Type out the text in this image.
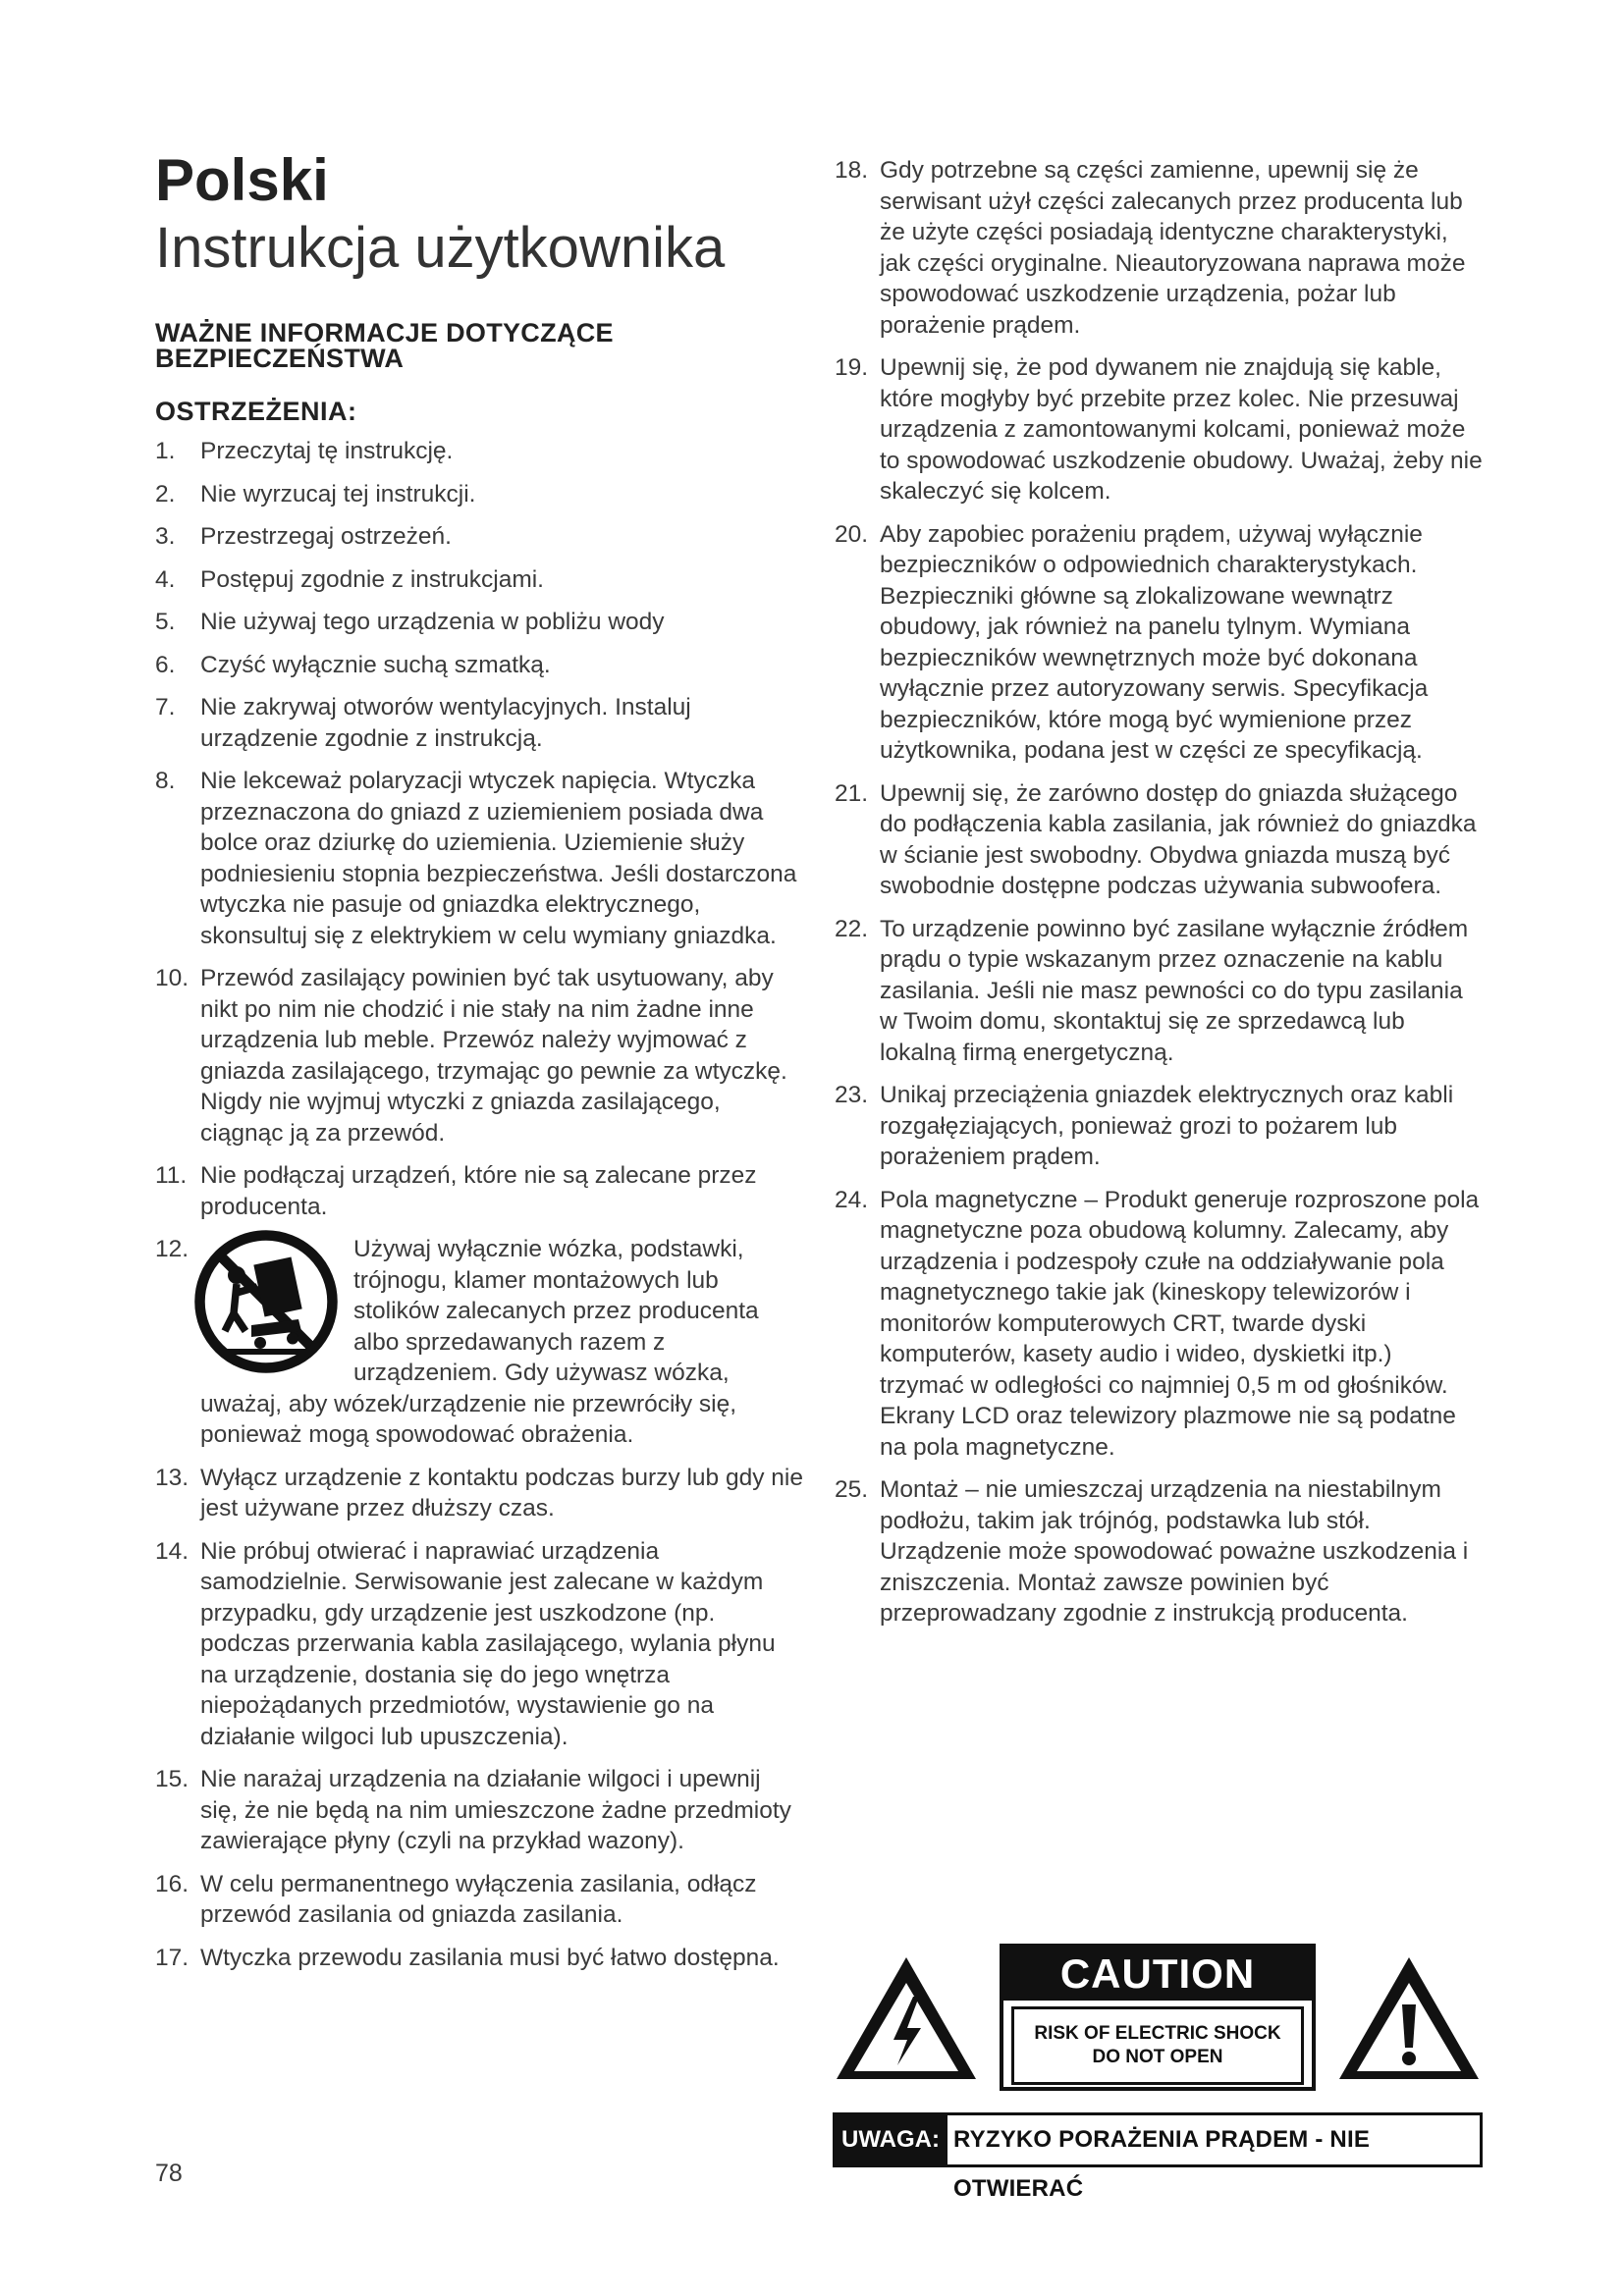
Polski
Instrukcja użytkownika
WAŻNE INFORMACJE DOTYCZĄCE BEZPIECZEŃSTWA
OSTRZEŻENIA:
1. Przeczytaj tę instrukcję.
2. Nie wyrzucaj tej instrukcji.
3. Przestrzegaj ostrzeżeń.
4. Postępuj zgodnie z instrukcjami.
5. Nie używaj tego urządzenia w pobliżu wody
6. Czyść wyłącznie suchą szmatką.
7. Nie zakrywaj otworów wentylacyjnych. Instaluj urządzenie zgodnie z instrukcją.
8. Nie lekceważ polaryzacji wtyczek napięcia. Wtyczka przeznaczona do gniazd z uziemieniem posiada dwa bolce oraz dziurkę do uziemienia. Uziemienie służy podniesieniu stopnia bezpieczeństwa. Jeśli dostarczona wtyczka nie pasuje od gniazdka elektrycznego, skonsultuj się z elektrykiem w celu wymiany gniazdka.
10. Przewód zasilający powinien być tak usytuowany, aby nikt po nim nie chodzić i nie stały na nim żadne inne urządzenia lub meble. Przewóz należy wyjmować z gniazda zasilającego, trzymając go pewnie za wtyczkę. Nigdy nie wyjmuj wtyczki z gniazda zasilającego, ciągnąc ją za przewód.
11. Nie podłączaj urządzeń, które nie są zalecane przez producenta.
12.	Używaj wyłącznie wózka, podstawki, trójnogu, klamer montażowych lub stolików zalecanych przez producenta albo sprzedawanych razem z urządzeniem. Gdy używasz wózka, uważaj, aby wózek/urządzenie nie przewróciły się, ponieważ mogą spowodować obrażenia.
13. Wyłącz urządzenie z kontaktu podczas burzy lub gdy nie jest używane przez dłuższy czas.
14. Nie próbuj otwierać i naprawiać urządzenia samodzielnie. Serwisowanie jest zalecane w każdym przypadku, gdy urządzenie jest uszkodzone (np. podczas przerwania kabla zasilającego, wylania płynu na urządzenie, dostania się do jego wnętrza niepożądanych przedmiotów, wystawienie go na działanie wilgoci lub upuszczenia).
15. Nie narażaj urządzenia na działanie wilgoci i upewnij się, że nie będą na nim umieszczone żadne przedmioty zawierające płyny (czyli na przykład wazony).
16. W celu permanentnego wyłączenia zasilania, odłącz przewód zasilania od gniazda zasilania.
17. Wtyczka przewodu zasilania musi być łatwo dostępna.
18. Gdy potrzebne są części zamienne, upewnij się że serwisant użył części zalecanych przez producenta lub że użyte części posiadają identyczne charakterystyki, jak części oryginalne. Nieautoryzowana naprawa może spowodować uszkodzenie urządzenia, pożar lub porażenie prądem.
19. Upewnij się, że pod dywanem nie znajdują się kable, które mogłyby być przebite przez kolec. Nie przesuwaj urządzenia z zamontowanymi kolcami, ponieważ może to spowodować uszkodzenie obudowy. Uważaj, żeby nie skaleczyć się kolcem.
20. Aby zapobiec porażeniu prądem, używaj wyłącznie bezpieczników o odpowiednich charakterystykach. Bezpieczniki główne są zlokalizowane wewnątrz obudowy, jak również na panelu tylnym. Wymiana bezpieczników wewnętrznych może być dokonana wyłącznie przez autoryzowany serwis. Specyfikacja bezpieczników, które mogą być wymienione przez użytkownika, podana jest w części ze specyfikacją.
21. Upewnij się, że zarówno dostęp do gniazda służącego do podłączenia kabla zasilania, jak również do gniazdka w ścianie jest swobodny. Obydwa gniazda muszą być swobodnie dostępne podczas używania subwoofera.
22. To urządzenie powinno być zasilane wyłącznie źródłem prądu o typie wskazanym przez oznaczenie na kablu zasilania. Jeśli nie masz pewności co do typu zasilania w Twoim domu, skontaktuj się ze sprzedawcą lub lokalną firmą energetyczną.
23. Unikaj przeciążenia gniazdek elektrycznych oraz kabli rozgałęziających, ponieważ grozi to pożarem lub porażeniem prądem.
24. Pola magnetyczne – Produkt generuje rozproszone pola magnetyczne poza obudową kolumny. Zalecamy, aby urządzenia i podzespoły czułe na oddziaływanie pola magnetycznego takie jak (kineskopy telewizorów i monitorów komputerowych CRT, twarde dyski komputerów, kasety audio i wideo, dyskietki itp.) trzymać w odległości co najmniej 0,5 m od głośników. Ekrany LCD oraz telewizory plazmowe nie są podatne na pola magnetyczne.
25. Montaż – nie umieszczaj urządzenia na niestabilnym podłożu, takim jak trójnóg, podstawka lub stół. Urządzenie może spowodować poważne uszkodzenia i zniszczenia. Montaż zawsze powinien być przeprowadzany zgodnie z instrukcją producenta.
CAUTION
RISK OF ELECTRIC SHOCK
DO NOT OPEN
UWAGA: RYZYKO PORAŻENIA PRĄDEM - NIE OTWIERAĆ
78
